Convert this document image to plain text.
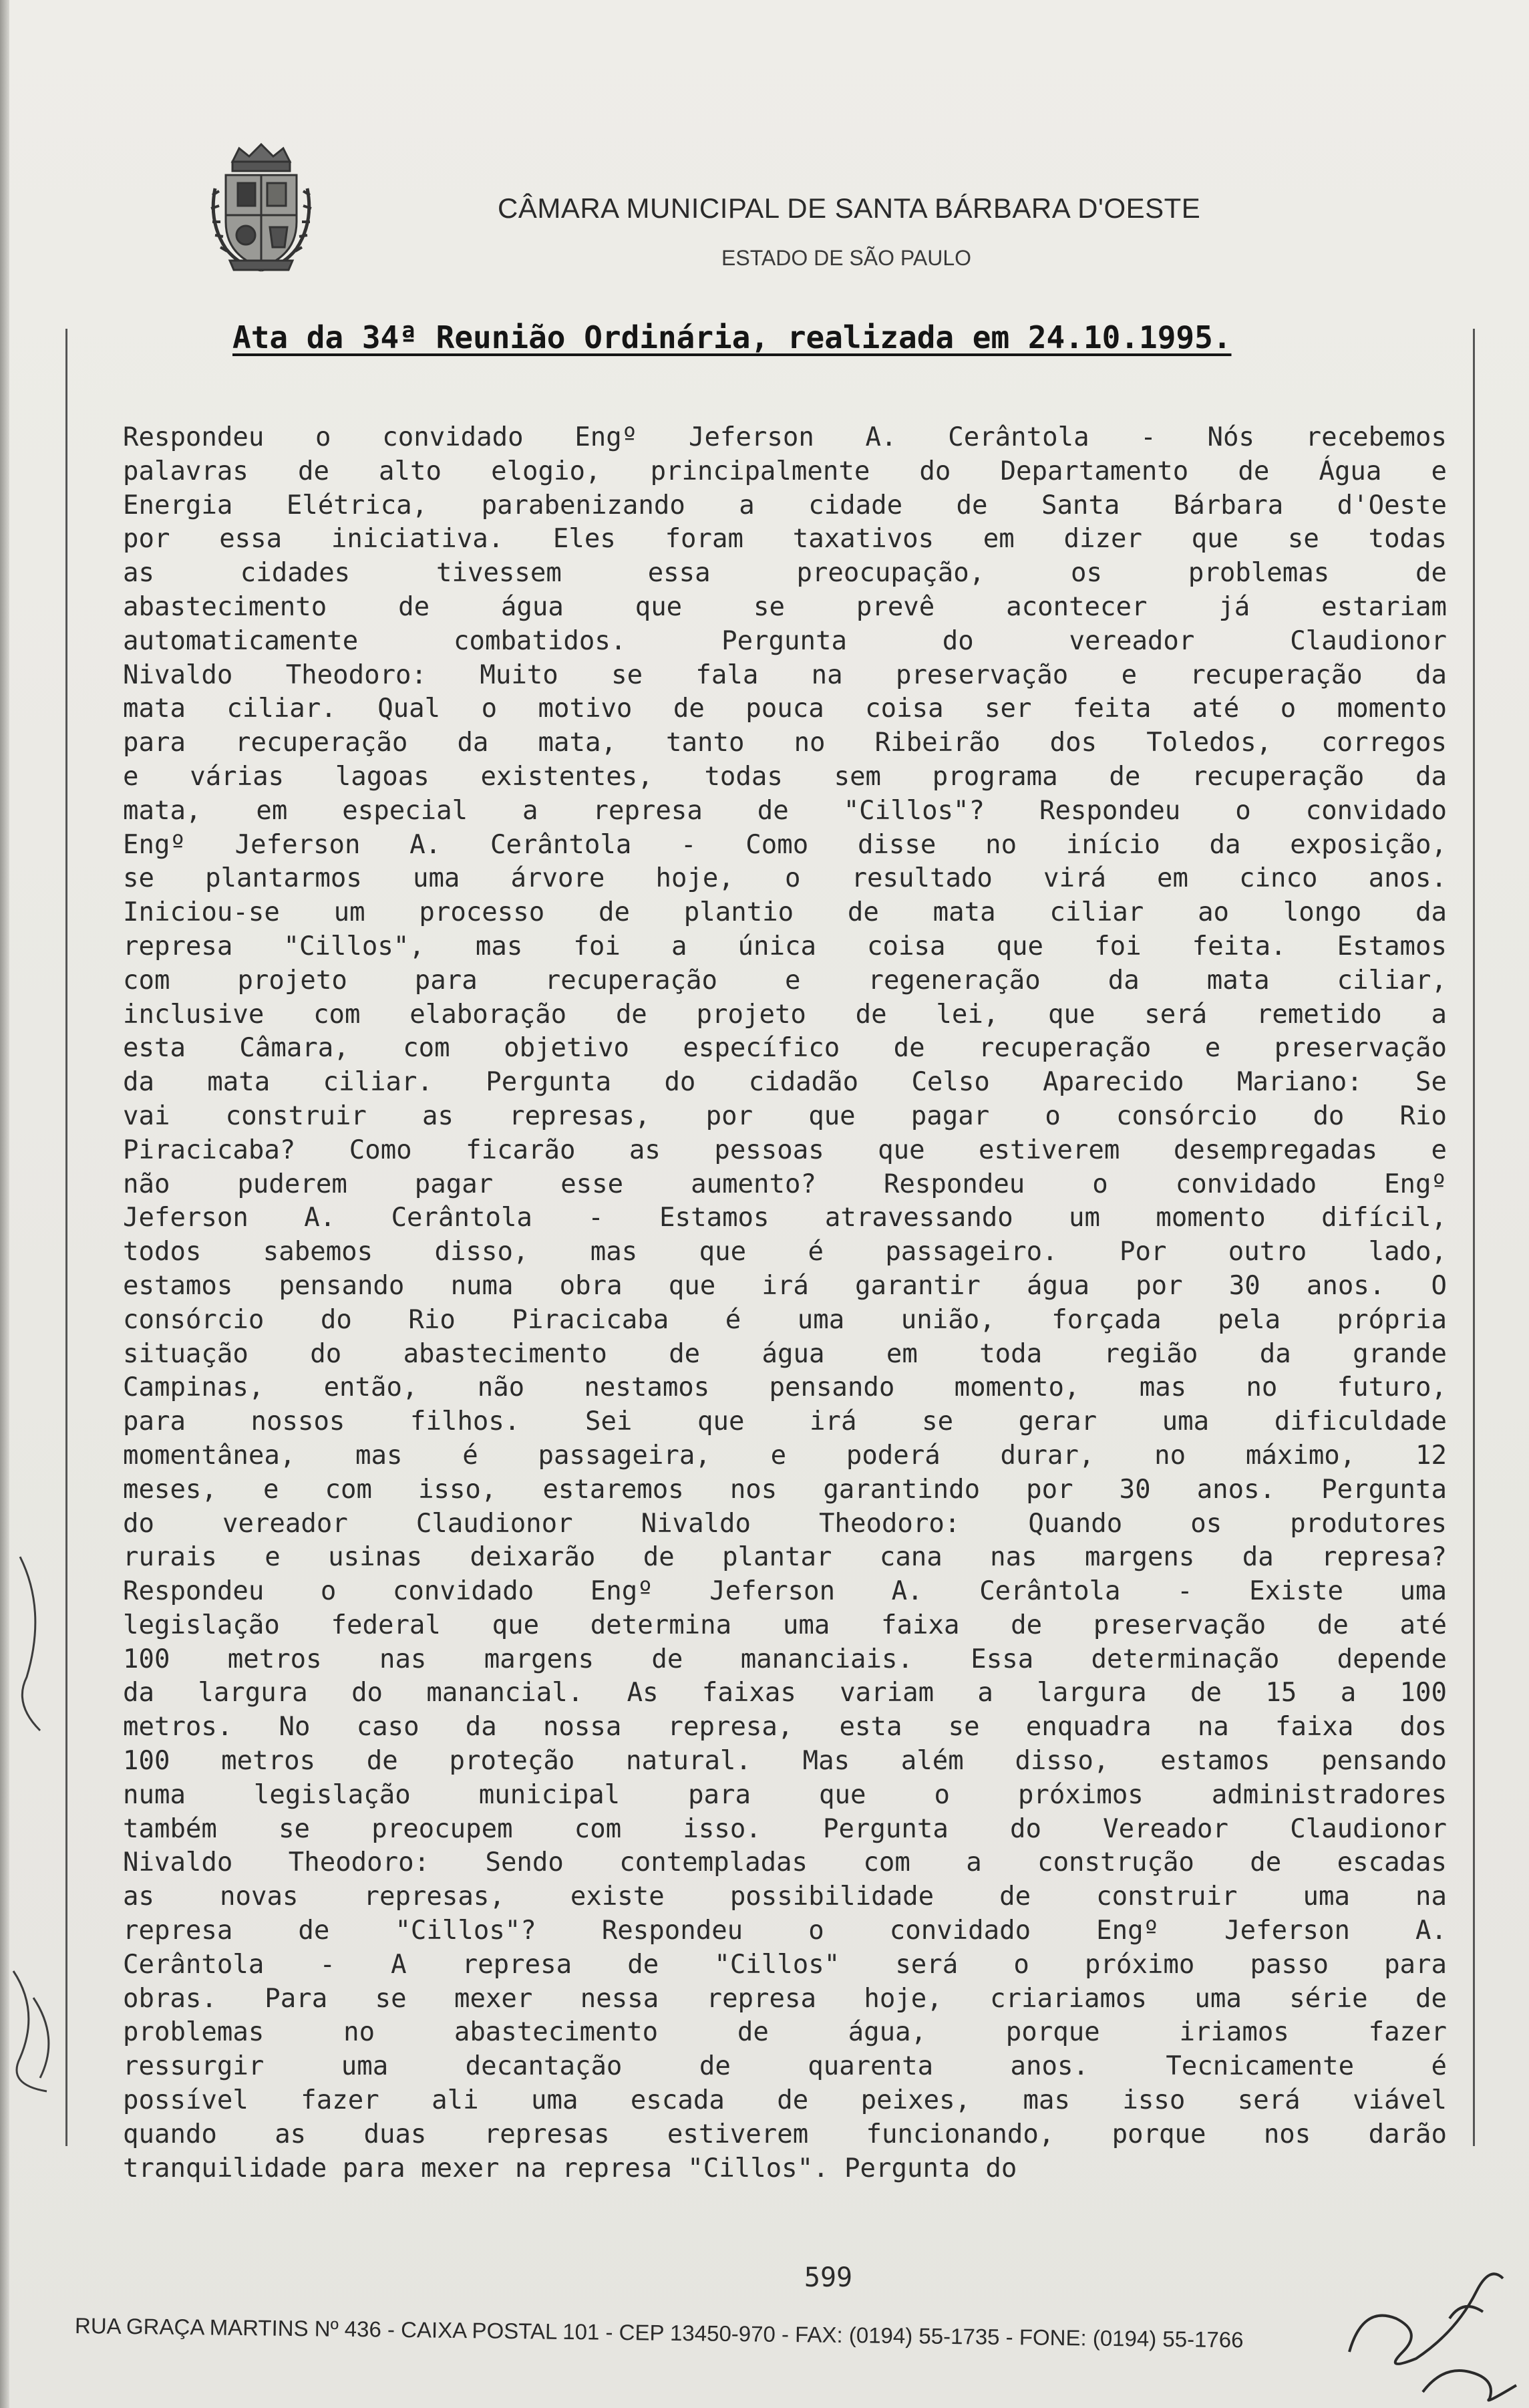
CÂMARA MUNICIPAL DE SANTA BÁRBARA D'OESTE
ESTADO DE SÃO PAULO
Ata da 34ª Reunião Ordinária, realizada em 24.10.1995.
Respondeu o convidado Engº Jeferson A. Cerântola - Nós recebemos
palavras de alto elogio, principalmente do Departamento de Água e
Energia Elétrica, parabenizando a cidade de Santa Bárbara d'Oeste
por essa iniciativa. Eles foram taxativos em dizer que se todas
as cidades tivessem essa preocupação, os problemas de
abastecimento de água que se prevê acontecer já estariam
automaticamente combatidos. Pergunta do vereador Claudionor
Nivaldo Theodoro: Muito se fala na preservação e recuperação da
mata ciliar. Qual o motivo de pouca coisa ser feita até o momento
para recuperação da mata, tanto no Ribeirão dos Toledos, corregos
e várias lagoas existentes, todas sem programa de recuperação da
mata, em especial a represa de "Cillos"? Respondeu o convidado
Engº Jeferson A. Cerântola - Como disse no início da exposição,
se plantarmos uma árvore hoje, o resultado virá em cinco anos.
Iniciou-se um processo de plantio de mata ciliar ao longo da
represa "Cillos", mas foi a única coisa que foi feita. Estamos
com projeto para recuperação e regeneração da mata ciliar,
inclusive com elaboração de projeto de lei, que será remetido a
esta Câmara, com objetivo específico de recuperação e preservação
da mata ciliar. Pergunta do cidadão Celso Aparecido Mariano: Se
vai construir as represas, por que pagar o consórcio do Rio
Piracicaba? Como ficarão as pessoas que estiverem desempregadas e
não puderem pagar esse aumento? Respondeu o convidado Engº
Jeferson A. Cerântola - Estamos atravessando um momento difícil,
todos sabemos disso, mas que é passageiro. Por outro lado,
estamos pensando numa obra que irá garantir água por 30 anos. O
consórcio do Rio Piracicaba é uma união, forçada pela própria
situação do abastecimento de água em toda região da grande
Campinas, então, não nestamos pensando momento, mas no futuro,
para nossos filhos. Sei que irá se gerar uma dificuldade
momentânea, mas é passageira, e poderá durar, no máximo, 12
meses, e com isso, estaremos nos garantindo por 30 anos. Pergunta
do vereador Claudionor Nivaldo Theodoro: Quando os produtores
rurais e usinas deixarão de plantar cana nas margens da represa?
Respondeu o convidado Engº Jeferson A. Cerântola - Existe uma
legislação federal que determina uma faixa de preservação de até
100 metros nas margens de mananciais. Essa determinação depende
da largura do manancial. As faixas variam a largura de 15 a 100
metros. No caso da nossa represa, esta se enquadra na faixa dos
100 metros de proteção natural. Mas além disso, estamos pensando
numa legislação municipal para que o próximos administradores
também se preocupem com isso. Pergunta do Vereador Claudionor
Nivaldo Theodoro: Sendo contempladas com a construção de escadas
as novas represas, existe possibilidade de construir uma na
represa de "Cillos"? Respondeu o convidado Engº Jeferson A.
Cerântola - A represa de "Cillos" será o próximo passo para
obras. Para se mexer nessa represa hoje, criariamos uma série de
problemas no abastecimento de água, porque iriamos fazer
ressurgir uma decantação de quarenta anos. Tecnicamente é
possível fazer ali uma escada de peixes, mas isso será viável
quando as duas represas estiverem funcionando, porque nos darão
tranquilidade para mexer na represa "Cillos". Pergunta do
599
RUA GRAÇA MARTINS Nº 436 - CAIXA POSTAL 101 - CEP 13450-970 - FAX: (0194) 55-1735 - FONE: (0194) 55-1766
